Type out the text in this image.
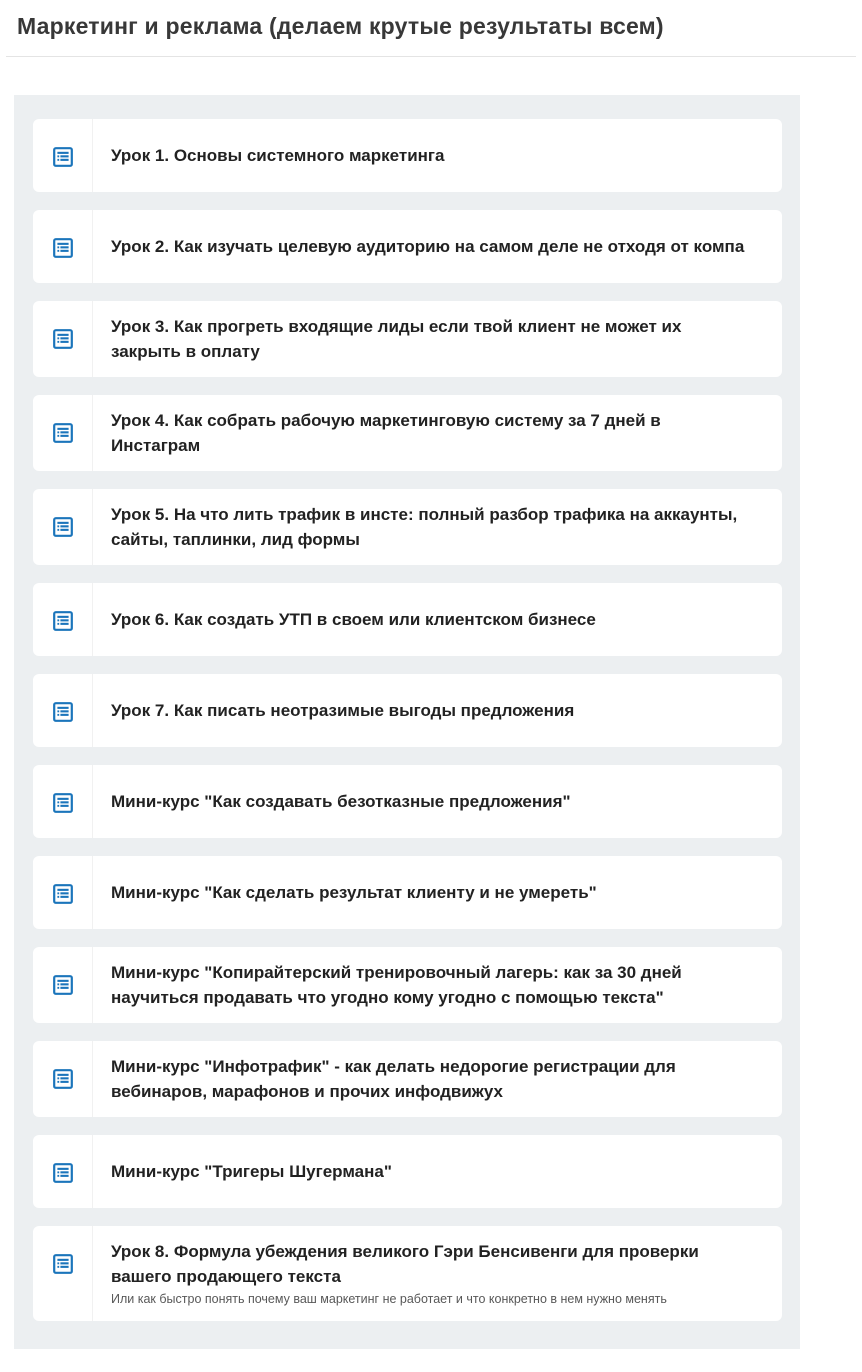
Маркетинг и реклама (делаем крутые результаты всем)
Урок 1. Основы системного маркетинга
Урок 2. Как изучать целевую аудиторию на самом деле не отходя от компа
Урок 3. Как прогреть входящие лиды если твой клиент не может их закрыть в оплату
Урок 4. Как собрать рабочую маркетинговую систему за 7 дней в Инстаграм
Урок 5. На что лить трафик в инсте: полный разбор трафика на аккаунты, сайты, таплинки, лид формы
Урок 6. Как создать УТП в своем или клиентском бизнесе
Урок 7. Как писать неотразимые выгоды предложения
Мини-курс "Как создавать безотказные предложения"
Мини-курс "Как сделать результат клиенту и не умереть"
Мини-курс "Копирайтерский тренировочный лагерь: как за 30 дней научиться продавать что угодно кому угодно с помощью текста"
Мини-курс "Инфотрафик" - как делать недорогие регистрации для вебинаров, марафонов и прочих инфодвижух
Мини-курс "Тригеры Шугермана"
Урок 8. Формула убеждения великого Гэри Бенсивенги для проверки вашего продающего текста
Или как быстро понять почему ваш маркетинг не работает и что конкретно в нем нужно менять
